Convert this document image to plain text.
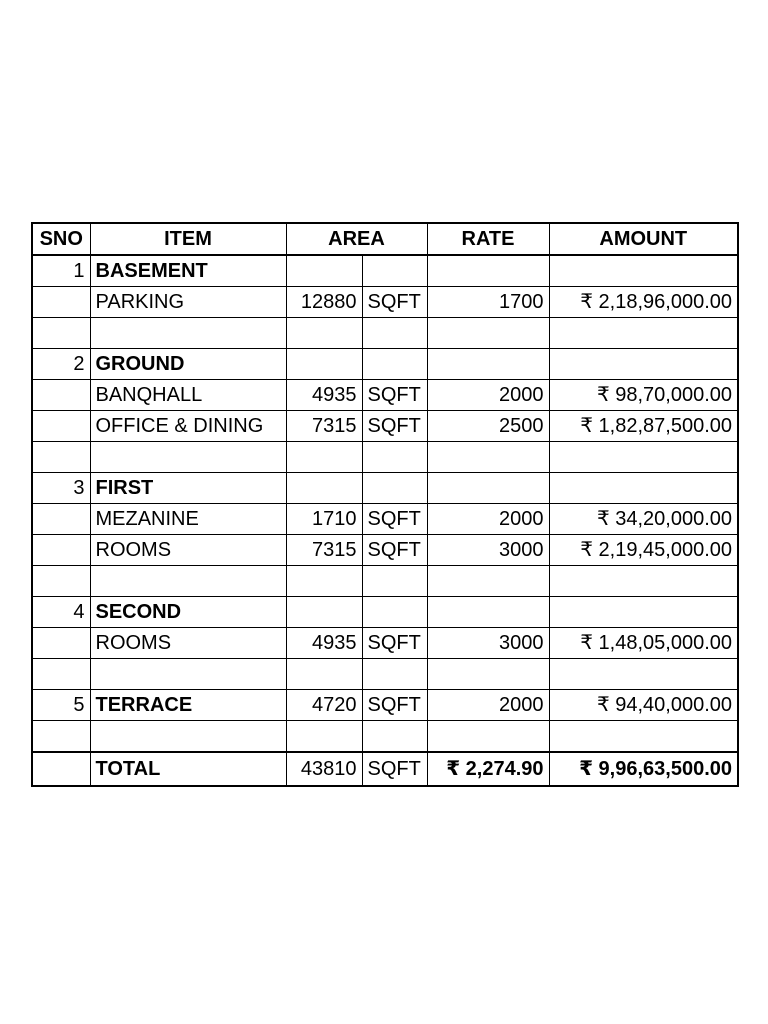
SNO	ITEM	AREA		RATE	AMOUNT
1	BASEMENT				
	PARKING	12880	SQFT	1700	₹ 2,18,96,000.00

2	GROUND				
	BANQHALL	4935	SQFT	2000	₹ 98,70,000.00
	OFFICE & DINING	7315	SQFT	2500	₹ 1,82,87,500.00

3	FIRST				
	MEZANINE	1710	SQFT	2000	₹ 34,20,000.00
	ROOMS	7315	SQFT	3000	₹ 2,19,45,000.00

4	SECOND				
	ROOMS	4935	SQFT	3000	₹ 1,48,05,000.00

5	TERRACE	4720	SQFT	2000	₹ 94,40,000.00

	TOTAL	43810	SQFT	₹ 2,274.90	₹ 9,96,63,500.00
